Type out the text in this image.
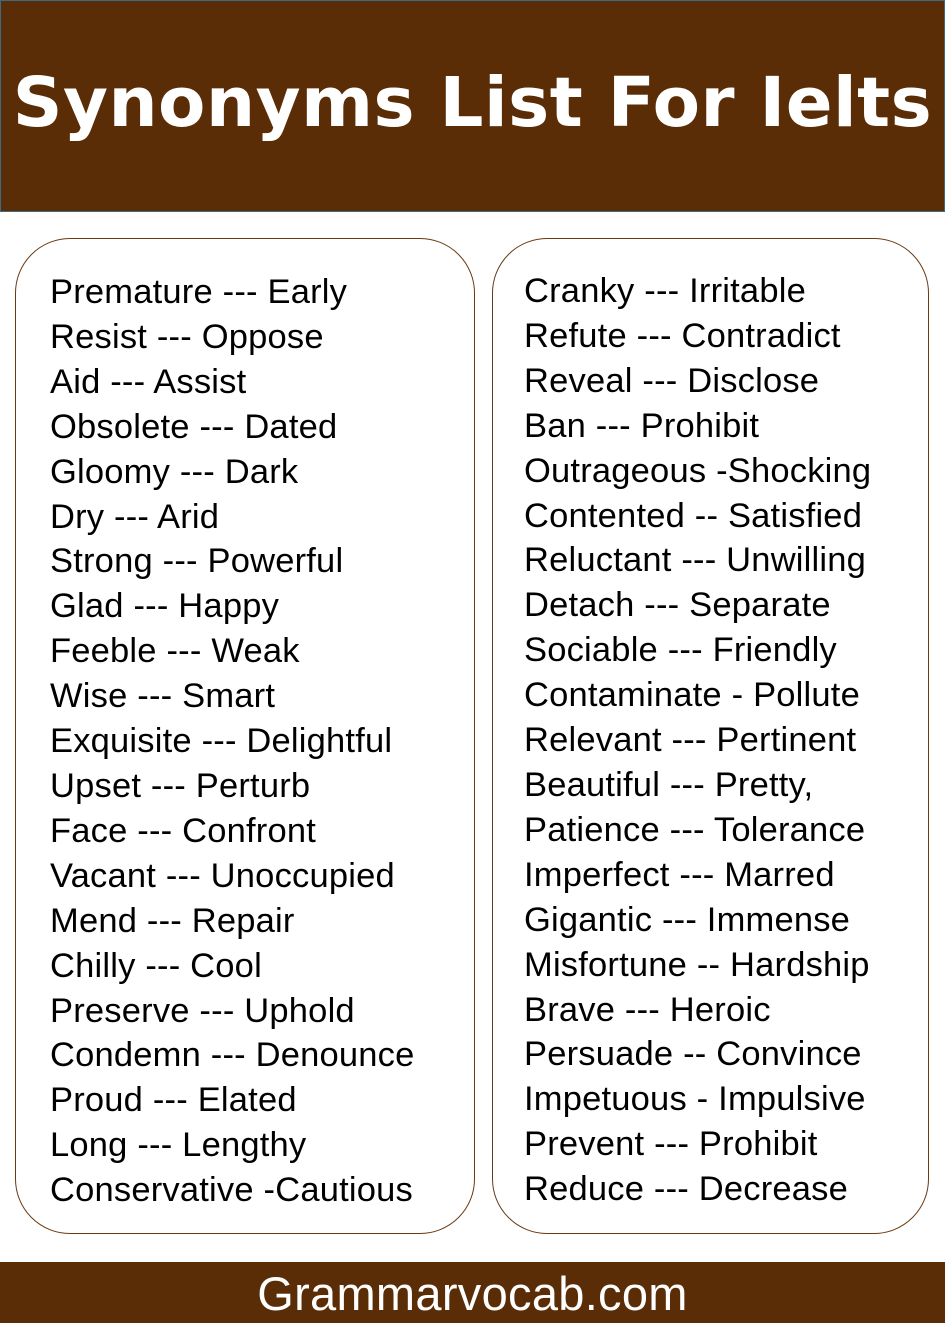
Synonyms List For Ielts
Premature --- Early
Resist --- Oppose
Aid --- Assist
Obsolete --- Dated
Gloomy --- Dark
Dry --- Arid
Strong --- Powerful
Glad --- Happy
Feeble --- Weak
Wise --- Smart
Exquisite --- Delightful
Upset --- Perturb
Face --- Confront
Vacant --- Unoccupied
Mend --- Repair
Chilly --- Cool
Preserve --- Uphold
Condemn --- Denounce
Proud --- Elated
Long --- Lengthy
Conservative -Cautious
Cranky --- Irritable
Refute --- Contradict
Reveal --- Disclose
Ban --- Prohibit
Outrageous -Shocking
Contented -- Satisfied
Reluctant --- Unwilling
Detach --- Separate
Sociable --- Friendly
Contaminate - Pollute
Relevant --- Pertinent
Beautiful --- Pretty,
Patience --- Tolerance
Imperfect --- Marred
Gigantic --- Immense
Misfortune -- Hardship
Brave --- Heroic
Persuade -- Convince
Impetuous - Impulsive
Prevent --- Prohibit
Reduce --- Decrease
Grammarvocab.com
